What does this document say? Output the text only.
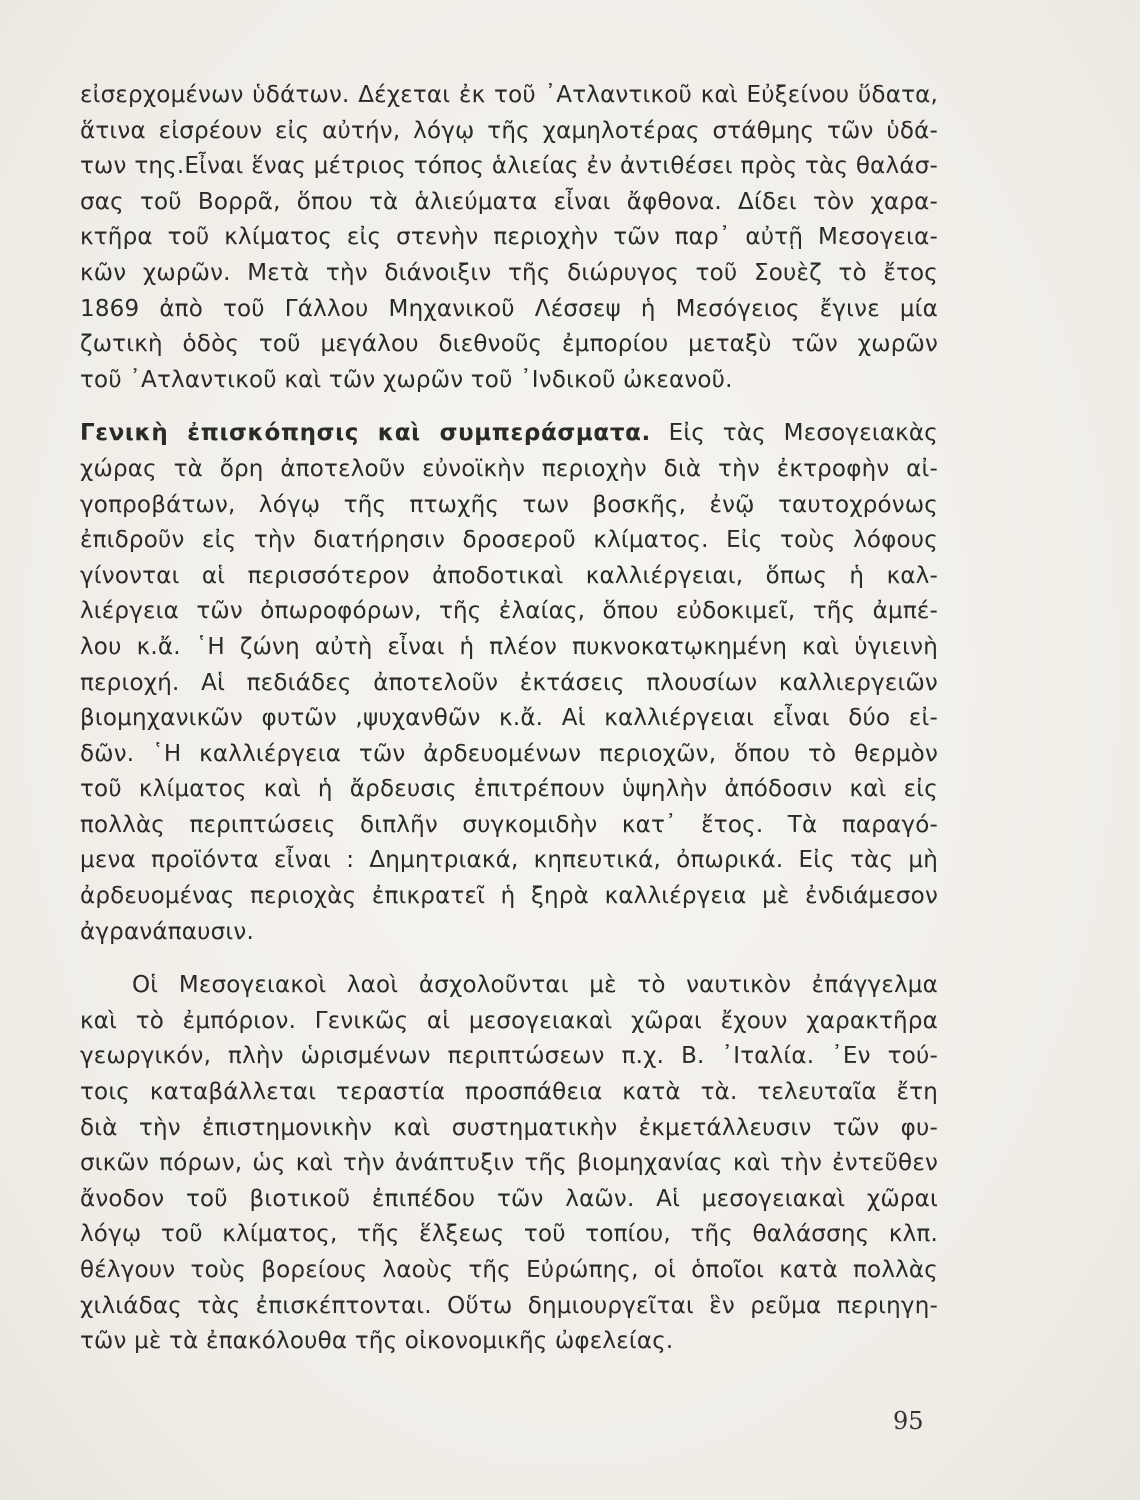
εἰσερχομένων ὑδάτων. Δέχεται ἐκ τοῦ ᾿Ατλαντικοῦ καὶ Εὐξείνου ὕδατα,
ἅτινα εἰσρέουν εἰς αὐτήν, λόγῳ τῆς χαμηλοτέρας στάθμης τῶν ὑδά-
των της.Εἶναι ἕνας μέτριος τόπος ἁλιείας ἐν ἀντιθέσει πρὸς τὰς θαλάσ-
σας τοῦ Βορρᾶ, ὅπου τὰ ἁλιεύματα εἶναι ἄφθονα. Δίδει τὸν χαρα-
κτῆρα τοῦ κλίματος εἰς στενὴν περιοχὴν τῶν παρ᾿ αὐτῇ Μεσογεια-
κῶν χωρῶν. Μετὰ τὴν διάνοιξιν τῆς διώρυγος τοῦ Σουὲζ τὸ ἔτος
1869 ἀπὸ τοῦ Γάλλου Μηχανικοῦ Λέσσεψ ἡ Μεσόγειος ἔγινε μία
ζωτικὴ ὁδὸς τοῦ μεγάλου διεθνοῦς ἐμπορίου μεταξὺ τῶν χωρῶν
τοῦ ᾿Ατλαντικοῦ καὶ τῶν χωρῶν τοῦ ᾿Ινδικοῦ ὠκεανοῦ.
Γενικὴ ἐπισκόπησις καὶ συμπεράσματα. Εἰς τὰς Μεσογειακὰς
χώρας τὰ ὄρη ἀποτελοῦν εὐνοϊκὴν περιοχὴν διὰ τὴν ἐκτροφὴν αἰ-
γοπροβάτων, λόγῳ τῆς πτωχῆς των βοσκῆς, ἐνῷ ταυτοχρόνως
ἐπιδροῦν εἰς τὴν διατήρησιν δροσεροῦ κλίματος. Εἰς τοὺς λόφους
γίνονται αἱ περισσότερον ἀποδοτικαὶ καλλιέργειαι, ὅπως ἡ καλ-
λιέργεια τῶν ὀπωροφόρων, τῆς ἐλαίας, ὅπου εὐδοκιμεῖ, τῆς ἀμπέ-
λου κ.ἄ. ῾Η ζώνη αὐτὴ εἶναι ἡ πλέον πυκνοκατῳκημένη καὶ ὑγιεινὴ
περιοχή. Αἱ πεδιάδες ἀποτελοῦν ἐκτάσεις πλουσίων καλλιεργειῶν
βιομηχανικῶν φυτῶν ,ψυχανθῶν κ.ἄ. Αἱ καλλιέργειαι εἶναι δύο εἰ-
δῶν. ῾Η καλλιέργεια τῶν ἀρδευομένων περιοχῶν, ὅπου τὸ θερμὸν
τοῦ κλίματος καὶ ἡ ἄρδευσις ἐπιτρέπουν ὑψηλὴν ἀπόδοσιν καὶ εἰς
πολλὰς περιπτώσεις διπλῆν συγκομιδὴν κατ᾿ ἔτος. Τὰ παραγό-
μενα προϊόντα εἶναι : Δημητριακά, κηπευτικά, ὀπωρικά. Εἰς τὰς μὴ
ἀρδευομένας περιοχὰς ἐπικρατεῖ ἡ ξηρὰ καλλιέργεια μὲ ἐνδιάμεσον
ἀγρανάπαυσιν.
Οἱ Μεσογειακοὶ λαοὶ ἀσχολοῦνται μὲ τὸ ναυτικὸν ἐπάγγελμα
καὶ τὸ ἐμπόριον. Γενικῶς αἱ μεσογειακαὶ χῶραι ἔχουν χαρακτῆρα
γεωργικόν, πλὴν ὡρισμένων περιπτώσεων π.χ. Β. ᾿Ιταλία. ᾿Εν τού-
τοις καταβάλλεται τεραστία προσπάθεια κατὰ τὰ. τελευταῖα ἔτη
διὰ τὴν ἐπιστημονικὴν καὶ συστηματικὴν ἐκμετάλλευσιν τῶν φυ-
σικῶν πόρων, ὡς καὶ τὴν ἀνάπτυξιν τῆς βιομηχανίας καὶ τὴν ἐντεῦθεν
ἄνοδον τοῦ βιοτικοῦ ἐπιπέδου τῶν λαῶν. Αἱ μεσογειακαὶ χῶραι
λόγῳ τοῦ κλίματος, τῆς ἕλξεως τοῦ τοπίου, τῆς θαλάσσης κλπ.
θέλγουν τοὺς βορείους λαοὺς τῆς Εὐρώπης, οἱ ὁποῖοι κατὰ πολλὰς
χιλιάδας τὰς ἐπισκέπτονται. Οὕτω δημιουργεῖται ἓν ρεῦμα περιηγη-
τῶν μὲ τὰ ἐπακόλουθα τῆς οἰκονομικῆς ὠφελείας.
95
